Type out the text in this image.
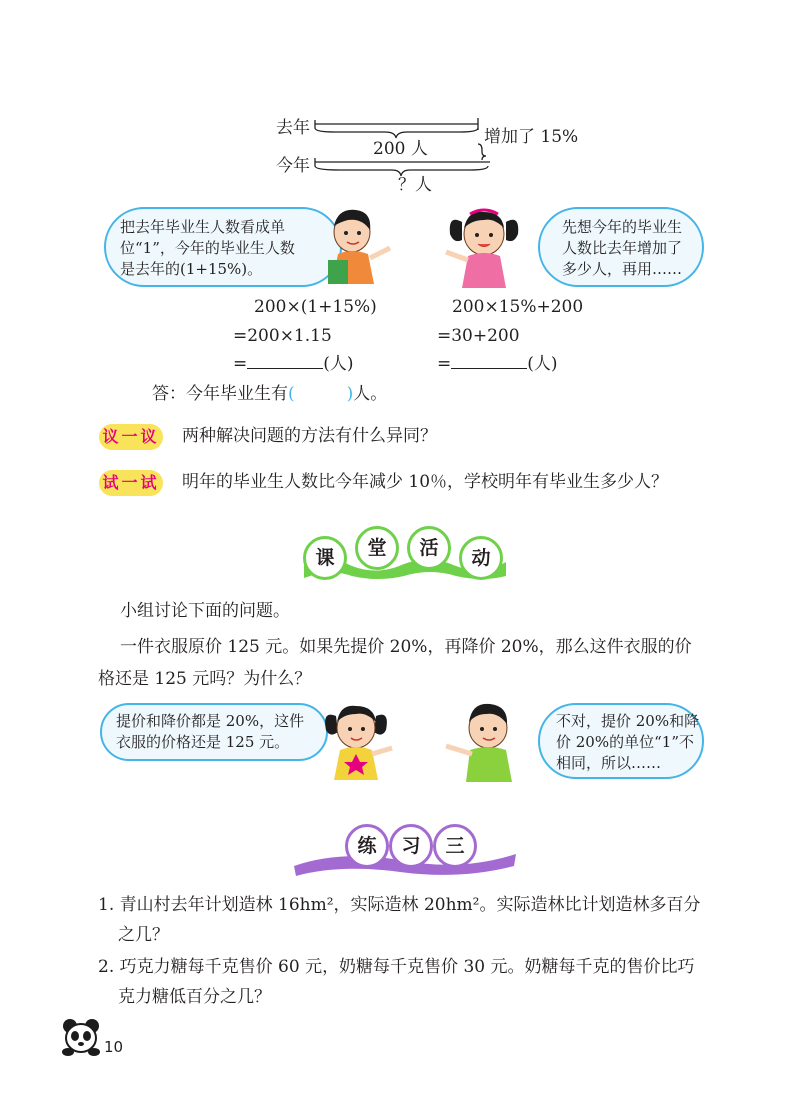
去年
今年
200 人
增加了 15%
？人
把去年毕业生人数看成单
位“1”，今年的毕业生人数
是去年的(1+15%)。
先想今年的毕业生
人数比去年增加了
多少人，再用……
200×(1+15%)
=200×1.15
=	(人)
200×15%+200
=30+200
=	(人)
答：今年毕业生有(	)人。
议一议 两种解决问题的方法有什么异同？
试一试 明年的毕业生人数比今年减少 10％，学校明年有毕业生多少人？
课	堂	活	动
小组讨论下面的问题。
一件衣服原价 125 元。如果先提价 20%，再降价 20%，那么这件衣服的价
格还是 125 元吗？为什么？
提价和降价都是 20%，这件
衣服的价格还是 125 元。
不对，提价 20%和降
价 20%的单位“1”不
相同，所以……
练	习	三
1. 青山村去年计划造林 16hm²，实际造林 20hm²。实际造林比计划造林多百分
之几？
2. 巧克力糖每千克售价 60 元，奶糖每千克售价 30 元。奶糖每千克的售价比巧
克力糖低百分之几？
10
